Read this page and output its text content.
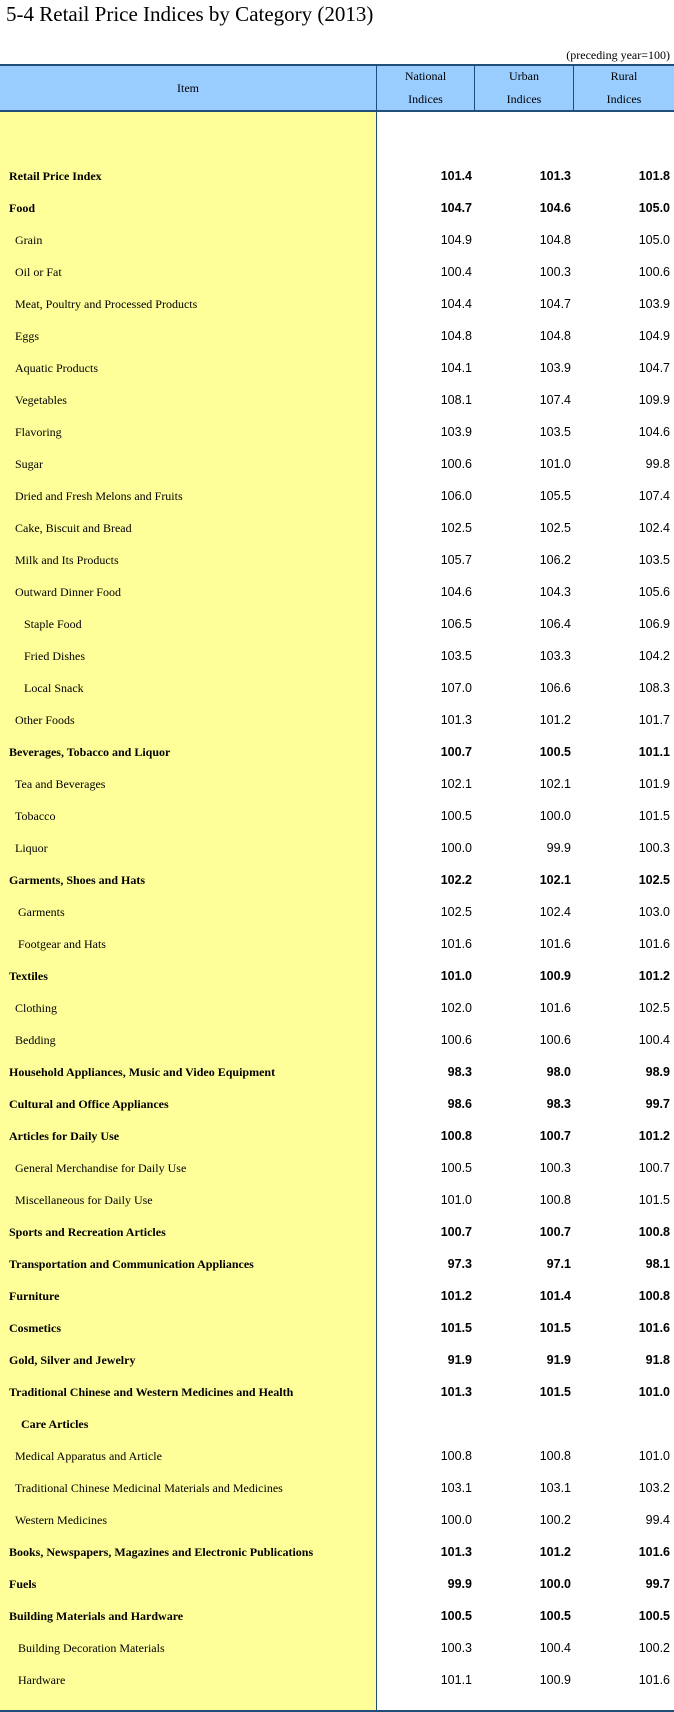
5-4 Retail Price Indices by Category (2013)
(preceding year=100)
Item
National
Indices
Urban
Indices
Rural
Indices
Retail Price Index	101.4	101.3	101.8
Food	104.7	104.6	105.0
Grain	104.9	104.8	105.0
Oil or Fat	100.4	100.3	100.6
Meat, Poultry and Processed Products	104.4	104.7	103.9
Eggs	104.8	104.8	104.9
Aquatic Products	104.1	103.9	104.7
Vegetables	108.1	107.4	109.9
Flavoring	103.9	103.5	104.6
Sugar	100.6	101.0	99.8
Dried and Fresh Melons and Fruits	106.0	105.5	107.4
Cake, Biscuit and Bread	102.5	102.5	102.4
Milk and Its Products	105.7	106.2	103.5
Outward Dinner Food	104.6	104.3	105.6
Staple Food	106.5	106.4	106.9
Fried Dishes	103.5	103.3	104.2
Local Snack	107.0	106.6	108.3
Other Foods	101.3	101.2	101.7
Beverages, Tobacco and Liquor	100.7	100.5	101.1
Tea and Beverages	102.1	102.1	101.9
Tobacco	100.5	100.0	101.5
Liquor	100.0	99.9	100.3
Garments, Shoes and Hats	102.2	102.1	102.5
Garments	102.5	102.4	103.0
Footgear and Hats	101.6	101.6	101.6
Textiles	101.0	100.9	101.2
Clothing	102.0	101.6	102.5
Bedding	100.6	100.6	100.4
Household Appliances, Music and Video Equipment	98.3	98.0	98.9
Cultural and Office Appliances	98.6	98.3	99.7
Articles for Daily Use	100.8	100.7	101.2
General Merchandise for Daily Use	100.5	100.3	100.7
Miscellaneous for Daily Use	101.0	100.8	101.5
Sports and Recreation Articles	100.7	100.7	100.8
Transportation and Communication Appliances	97.3	97.1	98.1
Furniture	101.2	101.4	100.8
Cosmetics	101.5	101.5	101.6
Gold, Silver and Jewelry	91.9	91.9	91.8
Traditional Chinese and Western Medicines and Health	101.3	101.5	101.0
Care Articles
Medical Apparatus and Article	100.8	100.8	101.0
Traditional Chinese Medicinal Materials and Medicines	103.1	103.1	103.2
Western Medicines	100.0	100.2	99.4
Books, Newspapers, Magazines and Electronic Publications	101.3	101.2	101.6
Fuels	99.9	100.0	99.7
Building Materials and Hardware	100.5	100.5	100.5
Building Decoration Materials	100.3	100.4	100.2
Hardware	101.1	100.9	101.6
